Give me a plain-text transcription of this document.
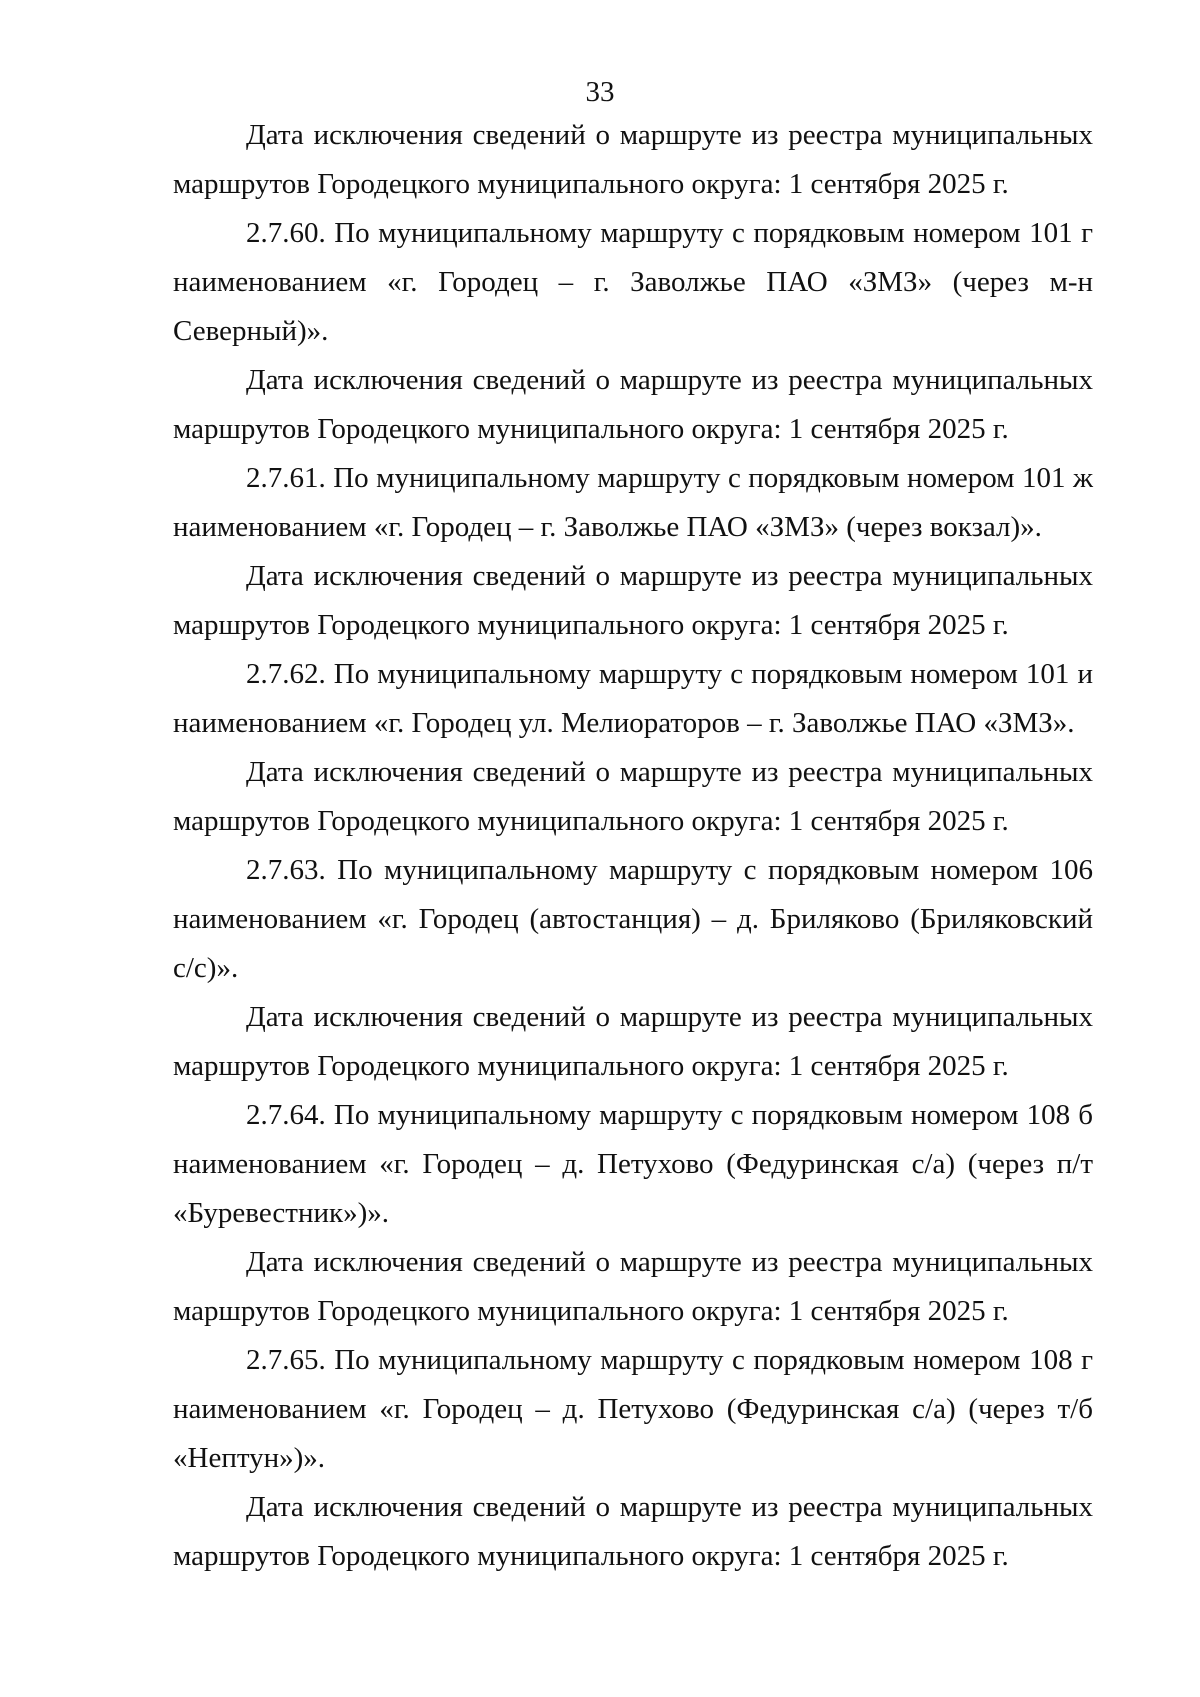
33

Дата исключения сведений о маршруте из реестра муниципальных маршрутов Городецкого муниципального округа: 1 сентября 2025 г.

2.7.60. По муниципальному маршруту с порядковым номером 101 г наименованием «г. Городец – г. Заволжье ПАО «ЗМЗ» (через м-н Северный)».

Дата исключения сведений о маршруте из реестра муниципальных маршрутов Городецкого муниципального округа: 1 сентября 2025 г.

2.7.61. По муниципальному маршруту с порядковым номером 101 ж наименованием «г. Городец – г. Заволжье ПАО «ЗМЗ» (через вокзал)».

Дата исключения сведений о маршруте из реестра муниципальных маршрутов Городецкого муниципального округа: 1 сентября 2025 г.

2.7.62. По муниципальному маршруту с порядковым номером 101 и наименованием «г. Городец ул. Мелиораторов – г. Заволжье ПАО «ЗМЗ».

Дата исключения сведений о маршруте из реестра муниципальных маршрутов Городецкого муниципального округа: 1 сентября 2025 г.

2.7.63. По муниципальному маршруту с порядковым номером 106 наименованием «г. Городец (автостанция) – д. Бриляково (Бриляковский с/с)».

Дата исключения сведений о маршруте из реестра муниципальных маршрутов Городецкого муниципального округа: 1 сентября 2025 г.

2.7.64. По муниципальному маршруту с порядковым номером 108 б наименованием «г. Городец – д. Петухово (Федуринская с/а) (через п/т «Буревестник»)».

Дата исключения сведений о маршруте из реестра муниципальных маршрутов Городецкого муниципального округа: 1 сентября 2025 г.

2.7.65. По муниципальному маршруту с порядковым номером 108 г наименованием «г. Городец – д. Петухово (Федуринская с/а) (через т/б «Нептун»)».

Дата исключения сведений о маршруте из реестра муниципальных маршрутов Городецкого муниципального округа: 1 сентября 2025 г.
